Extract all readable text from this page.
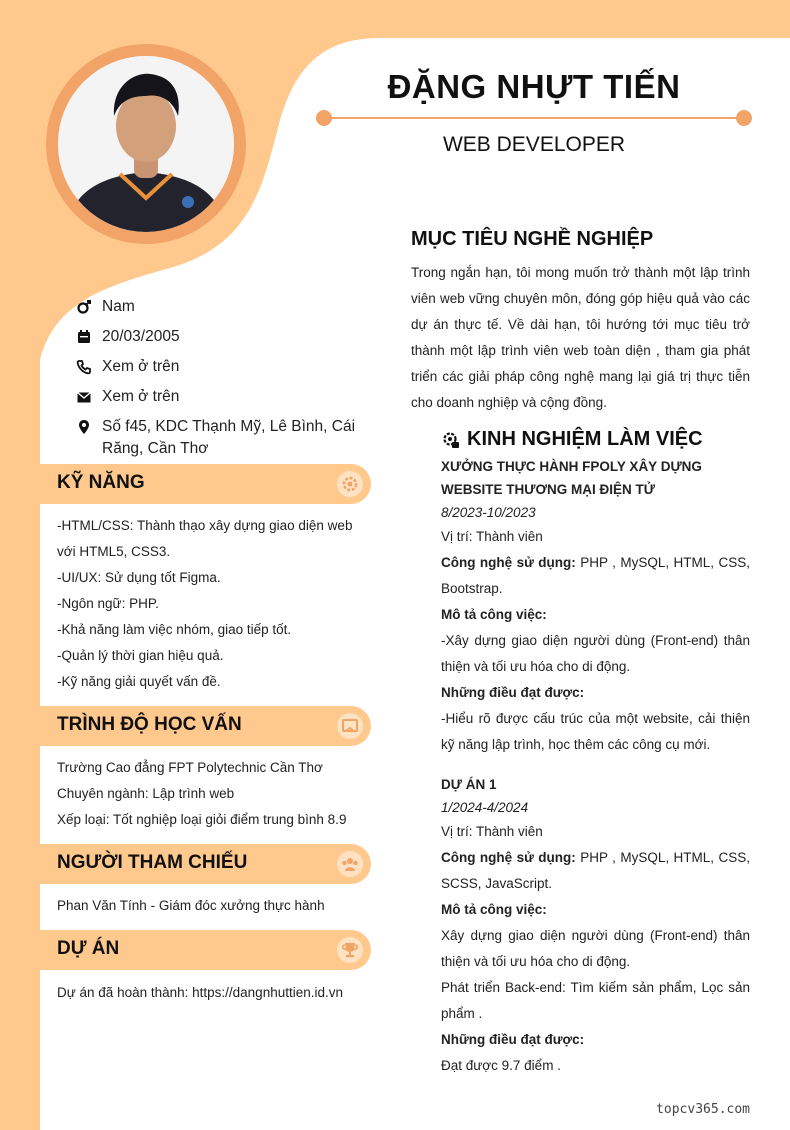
ĐẶNG NHỰT TIẾN
WEB DEVELOPER
Nam
20/03/2005
Xem ở trên
Xem ở trên
Số f45, KDC Thạnh Mỹ, Lê Bình, Cái Răng, Cần Thơ
KỸ NĂNG
-HTML/CSS: Thành thạo xây dựng giao diện web với HTML5, CSS3.
-UI/UX: Sử dụng tốt Figma.
-Ngôn ngữ: PHP.
-Khả năng làm việc nhóm, giao tiếp tốt.
-Quản lý thời gian hiệu quả.
-Kỹ năng giải quyết vấn đề.
TRÌNH ĐỘ HỌC VẤN
Trường Cao đẳng FPT Polytechnic Cần Thơ
Chuyên ngành: Lập trình web
Xếp loại: Tốt nghiệp loại giỏi điểm trung bình 8.9
NGƯỜI THAM CHIẾU
Phan Văn Tính - Giám đóc xưởng thực hành
DỰ ÁN
Dự án đã hoàn thành: https://dangnhuttien.id.vn
MỤC TIÊU NGHỀ NGHIỆP
Trong ngắn hạn, tôi mong muốn trở thành một lập trình viên web vững chuyên môn, đóng góp hiệu quả vào các dự án thực tế. Về dài hạn, tôi hướng tới mục tiêu trở thành một lập trình viên web toàn diện , tham gia phát triển các giải pháp công nghệ mang lại giá trị thực tiễn cho doanh nghiệp và cộng đồng.
KINH NGHIỆM LÀM VIỆC
XƯỞNG THỰC HÀNH FPOLY XÂY DỰNG WEBSITE THƯƠNG MẠI ĐIỆN TỬ
8/2023-10/2023
Vị trí: Thành viên
Công nghệ sử dụng: PHP , MySQL, HTML, CSS, Bootstrap.
Mô tả công việc:
-Xây dựng giao diện người dùng (Front-end) thân thiện và tối ưu hóa cho di động.
Những điều đạt được:
-Hiểu rõ được cấu trúc của một website, cải thiện kỹ năng lập trình, học thêm các công cụ mới.
DỰ ÁN 1
1/2024-4/2024
Vị trí: Thành viên
Công nghệ sử dụng: PHP , MySQL, HTML, CSS, SCSS, JavaScript.
Mô tả công việc:
Xây dựng giao diện người dùng (Front-end) thân thiện và tối ưu hóa cho di động.
Phát triển Back-end: Tìm kiếm sản phẩm, Lọc sản phẩm .
Những điều đạt được:
Đạt được 9.7 điểm .
topcv365.com
